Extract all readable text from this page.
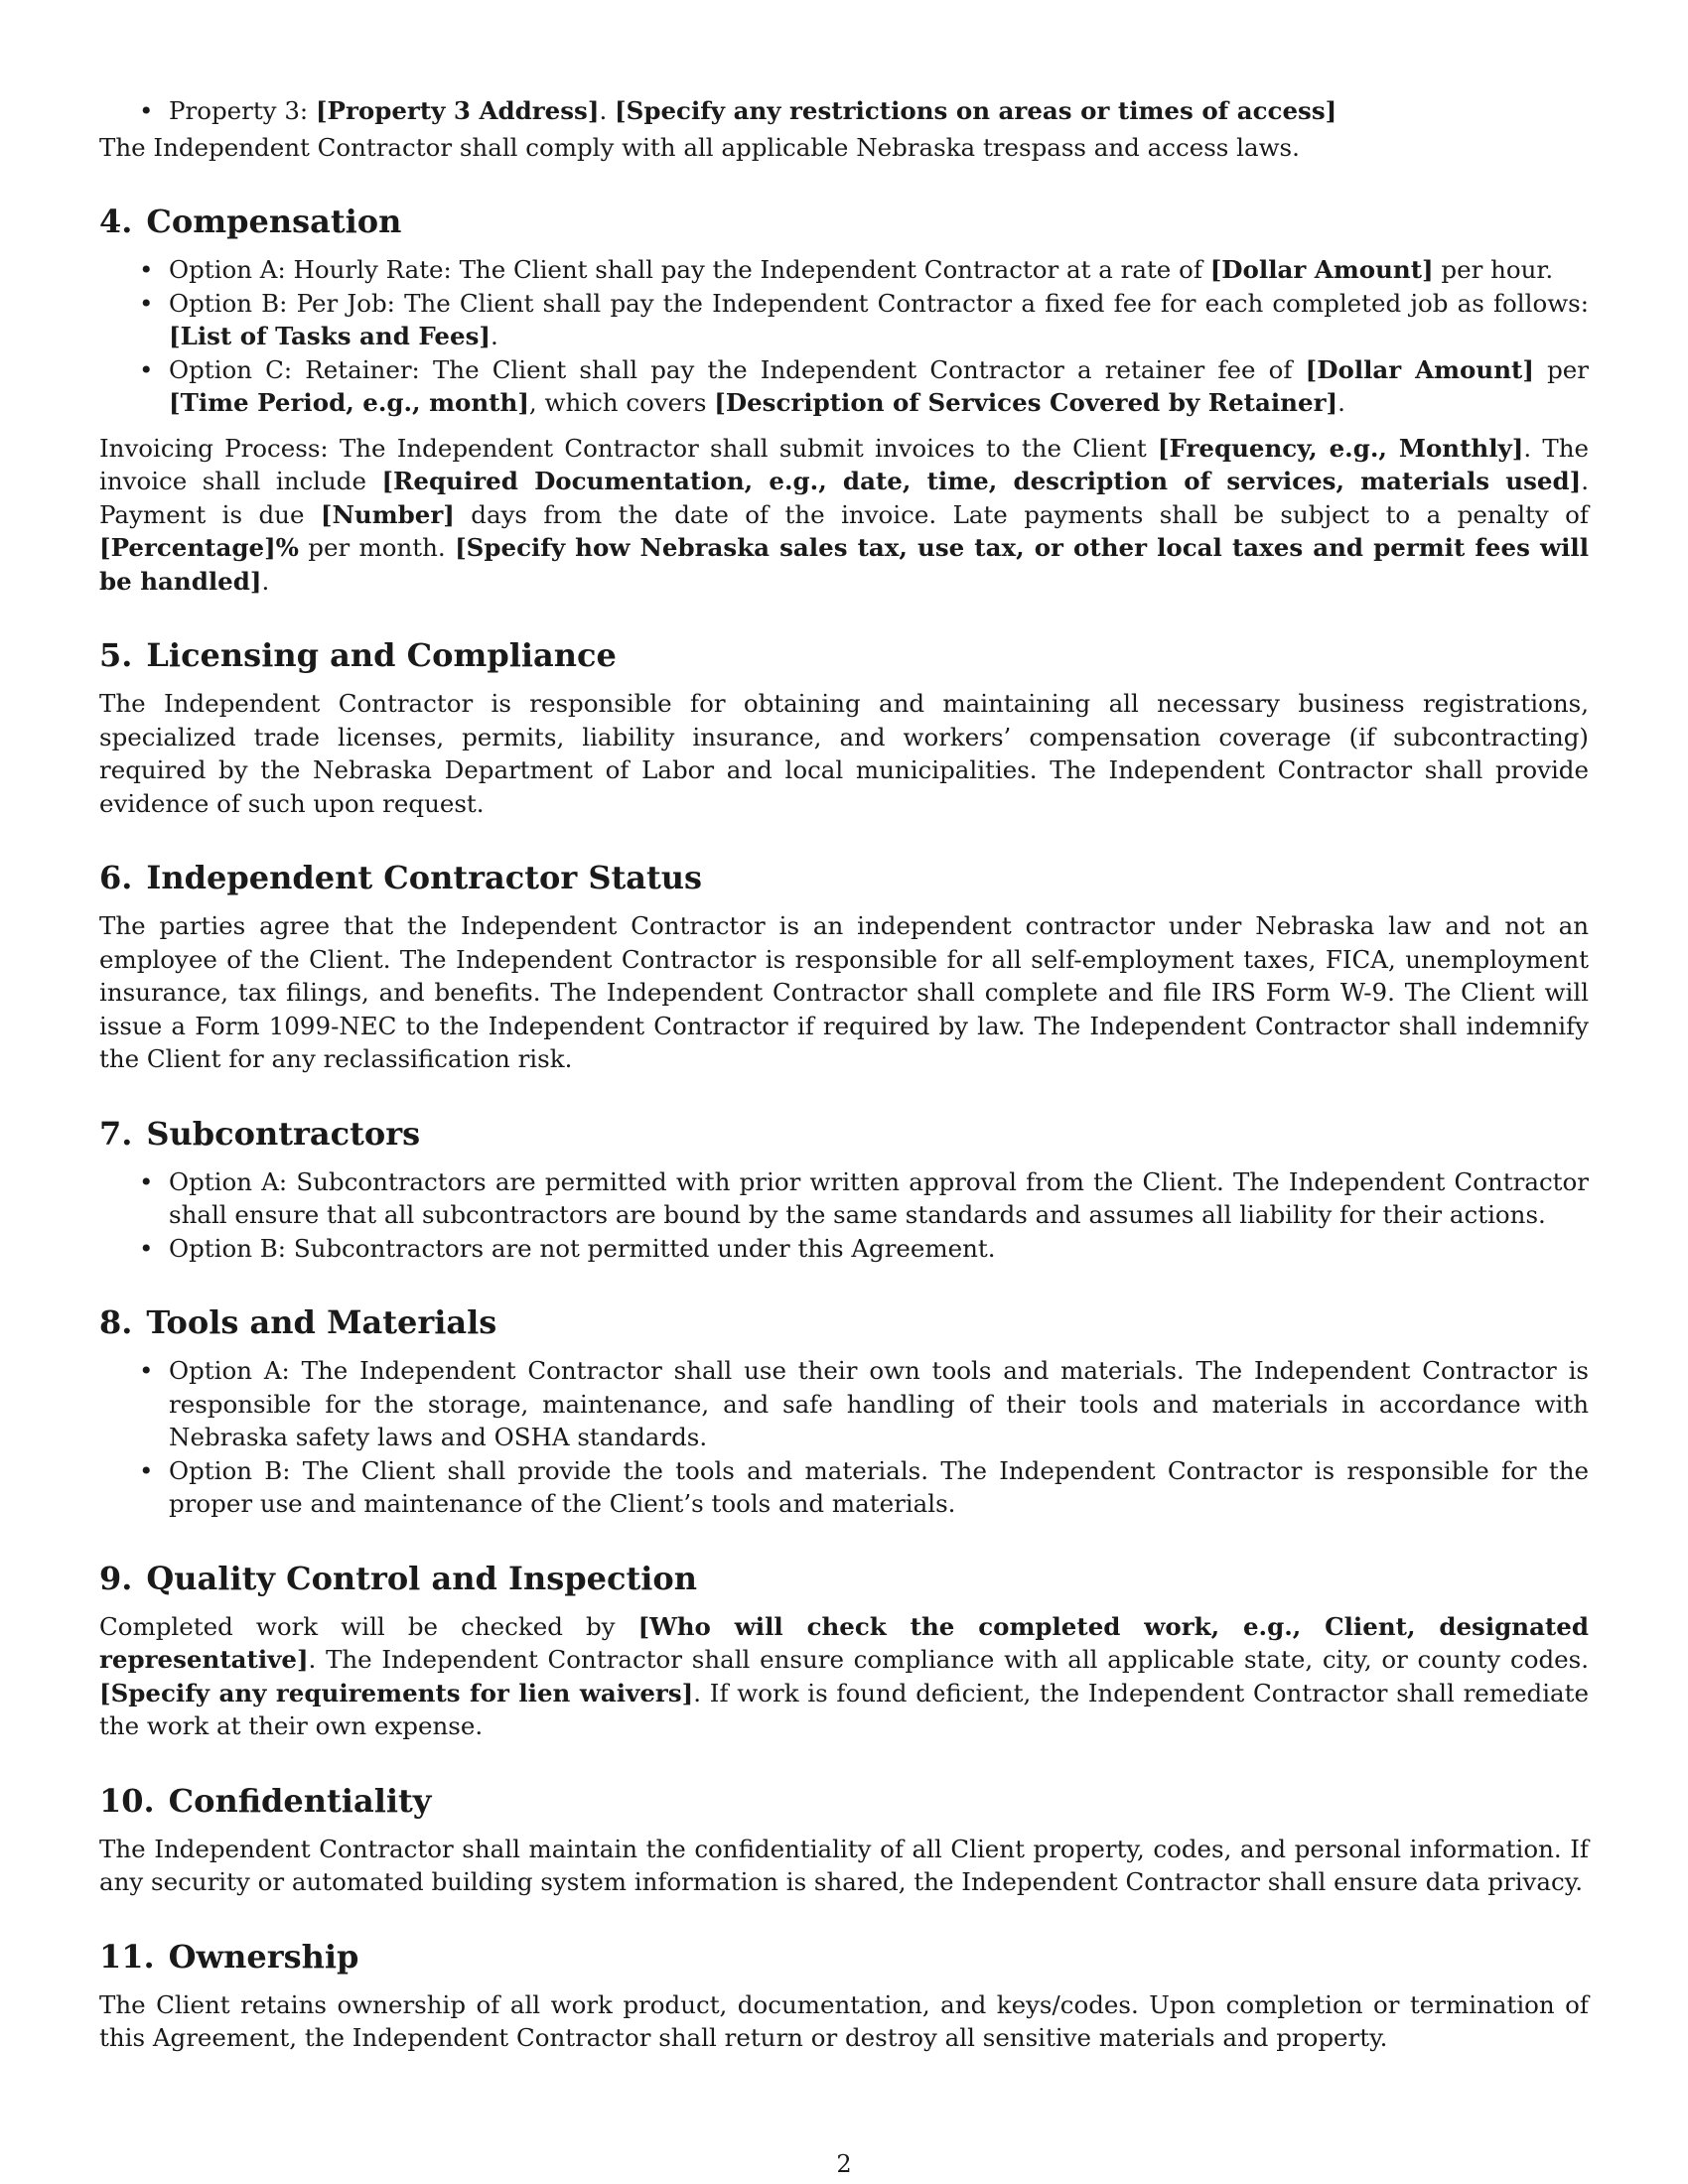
• Property 3: [Property 3 Address]. [Specify any restrictions on areas or times of access]

The Independent Contractor shall comply with all applicable Nebraska trespass and access laws.

4. Compensation
• Option A: Hourly Rate: The Client shall pay the Independent Contractor at a rate of [Dollar Amount] per hour.
• Option B: Per Job: The Client shall pay the Independent Contractor a fixed fee for each completed job as follows: [List of Tasks and Fees].
• Option C: Retainer: The Client shall pay the Independent Contractor a retainer fee of [Dollar Amount] per [Time Period, e.g., month], which covers [Description of Services Covered by Retainer].

Invoicing Process: The Independent Contractor shall submit invoices to the Client [Frequency, e.g., Monthly]. The invoice shall include [Required Documentation, e.g., date, time, description of services, materials used]. Payment is due [Number] days from the date of the invoice. Late payments shall be subject to a penalty of [Percentage]% per month. [Specify how Nebraska sales tax, use tax, or other local taxes and permit fees will be handled].

5. Licensing and Compliance

The Independent Contractor is responsible for obtaining and maintaining all necessary business registrations, specialized trade licenses, permits, liability insurance, and workers’ compensation coverage (if subcontracting) required by the Nebraska Department of Labor and local municipalities. The Independent Contractor shall provide evidence of such upon request.

6. Independent Contractor Status

The parties agree that the Independent Contractor is an independent contractor under Nebraska law and not an employee of the Client. The Independent Contractor is responsible for all self-employment taxes, FICA, unemployment insurance, tax filings, and benefits. The Independent Contractor shall complete and file IRS Form W-9. The Client will issue a Form 1099-NEC to the Independent Contractor if required by law. The Independent Contractor shall indemnify the Client for any reclassification risk.

7. Subcontractors
• Option A: Subcontractors are permitted with prior written approval from the Client. The Independent Contractor shall ensure that all subcontractors are bound by the same standards and assumes all liability for their actions.
• Option B: Subcontractors are not permitted under this Agreement.
8. Tools and Materials
• Option A: The Independent Contractor shall use their own tools and materials. The Independent Contractor is responsible for the storage, maintenance, and safe handling of their tools and materials in accordance with Nebraska safety laws and OSHA standards.
• Option B: The Client shall provide the tools and materials. The Independent Contractor is responsible for the proper use and maintenance of the Client’s tools and materials.
9. Quality Control and Inspection

Completed work will be checked by [Who will check the completed work, e.g., Client, designated representative]. The Independent Contractor shall ensure compliance with all applicable state, city, or county codes. [Specify any requirements for lien waivers]. If work is found deficient, the Independent Contractor shall remediate the work at their own expense.

10. Confidentiality

The Independent Contractor shall maintain the confidentiality of all Client property, codes, and personal information. If any security or automated building system information is shared, the Independent Contractor shall ensure data privacy.

11. Ownership

The Client retains ownership of all work product, documentation, and keys/codes. Upon completion or termination of this Agreement, the Independent Contractor shall return or destroy all sensitive materials and property.

2
